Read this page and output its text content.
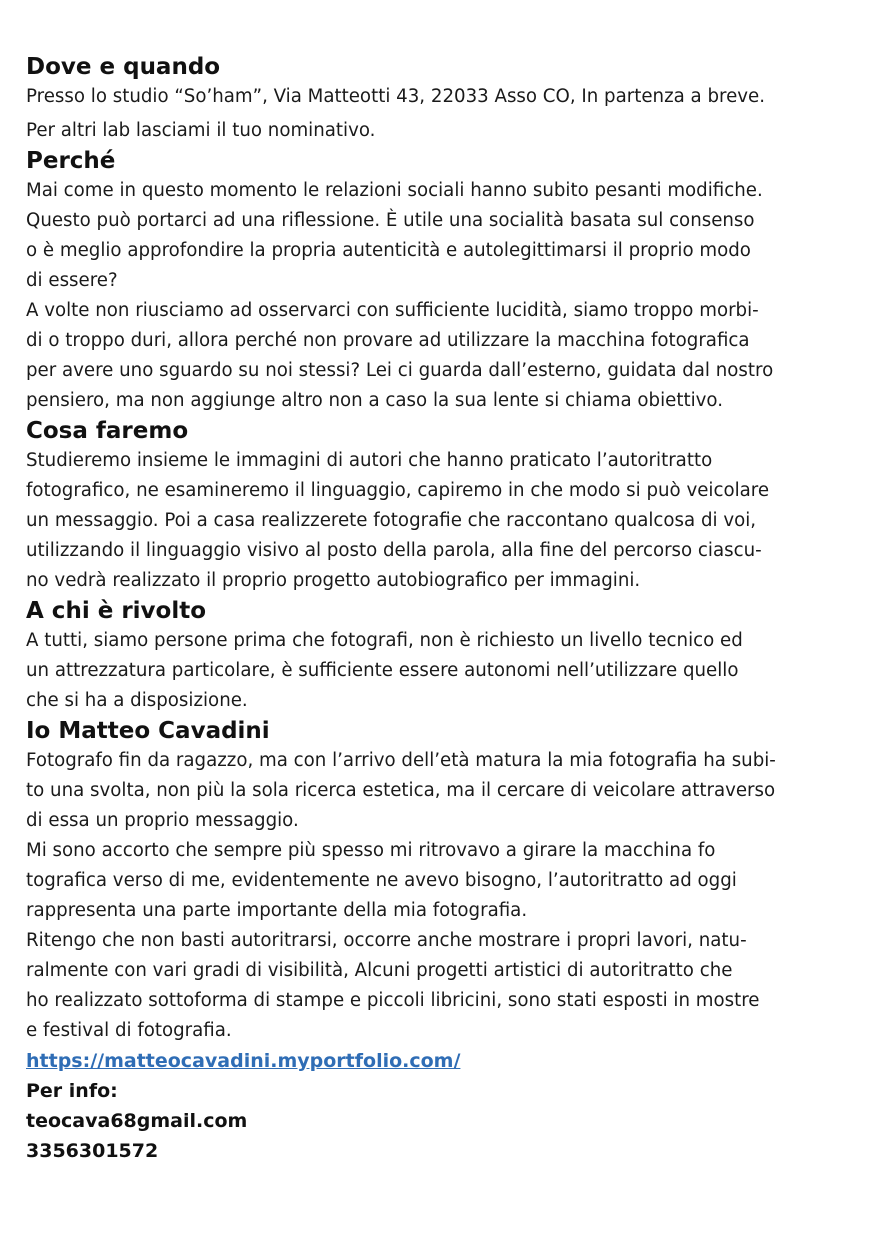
Dove e quando

Presso lo studio “So’ham”, Via Matteotti 43, 22033 Asso CO, In partenza a breve.

Per altri lab lasciami il tuo nominativo.

Perché

Mai come in questo momento le relazioni sociali hanno subito pesanti modifiche.

Questo può portarci ad una riflessione. È utile una socialità basata sul consenso

o è meglio approfondire la propria autenticità e autolegittimarsi il proprio modo

di essere?

A volte non riusciamo ad osservarci con sufficiente lucidità, siamo troppo morbi-

di o troppo duri, allora perché non provare ad utilizzare la macchina fotografica

per avere uno sguardo su noi stessi? Lei ci guarda dall’esterno, guidata dal nostro

pensiero, ma non aggiunge altro non a caso la sua lente si chiama obiettivo.

Cosa faremo

Studieremo insieme le immagini di autori che hanno praticato l’autoritratto

fotografico, ne esamineremo il linguaggio, capiremo in che modo si può veicolare

un messaggio. Poi a casa realizzerete fotografie che raccontano qualcosa di voi,

utilizzando il linguaggio visivo al posto della parola, alla fine del percorso ciascu-

no vedrà realizzato il proprio progetto autobiografico per immagini.

A chi è rivolto

A tutti, siamo persone prima che fotografi, non è richiesto un livello tecnico ed

un attrezzatura particolare, è sufficiente essere autonomi nell’utilizzare quello

che si ha a disposizione.

Io Matteo Cavadini

Fotografo fin da ragazzo, ma con l’arrivo dell’età matura la mia fotografia ha subi-

to una svolta, non più la sola ricerca estetica, ma il cercare di veicolare attraverso

di essa un proprio messaggio.

Mi sono accorto che sempre più spesso mi ritrovavo a girare la macchina fo

tografica verso di me, evidentemente ne avevo bisogno, l’autoritratto ad oggi

rappresenta una parte importante della mia fotografia.

Ritengo che non basti autoritrarsi, occorre anche mostrare i propri lavori, natu-

ralmente con vari gradi di visibilità, Alcuni progetti artistici di autoritratto che

ho realizzato sottoforma di stampe e piccoli libricini, sono stati esposti in mostre

e festival di fotografia.

https://matteocavadini.myportfolio.com/

Per info:

teocava68gmail.com

3356301572
